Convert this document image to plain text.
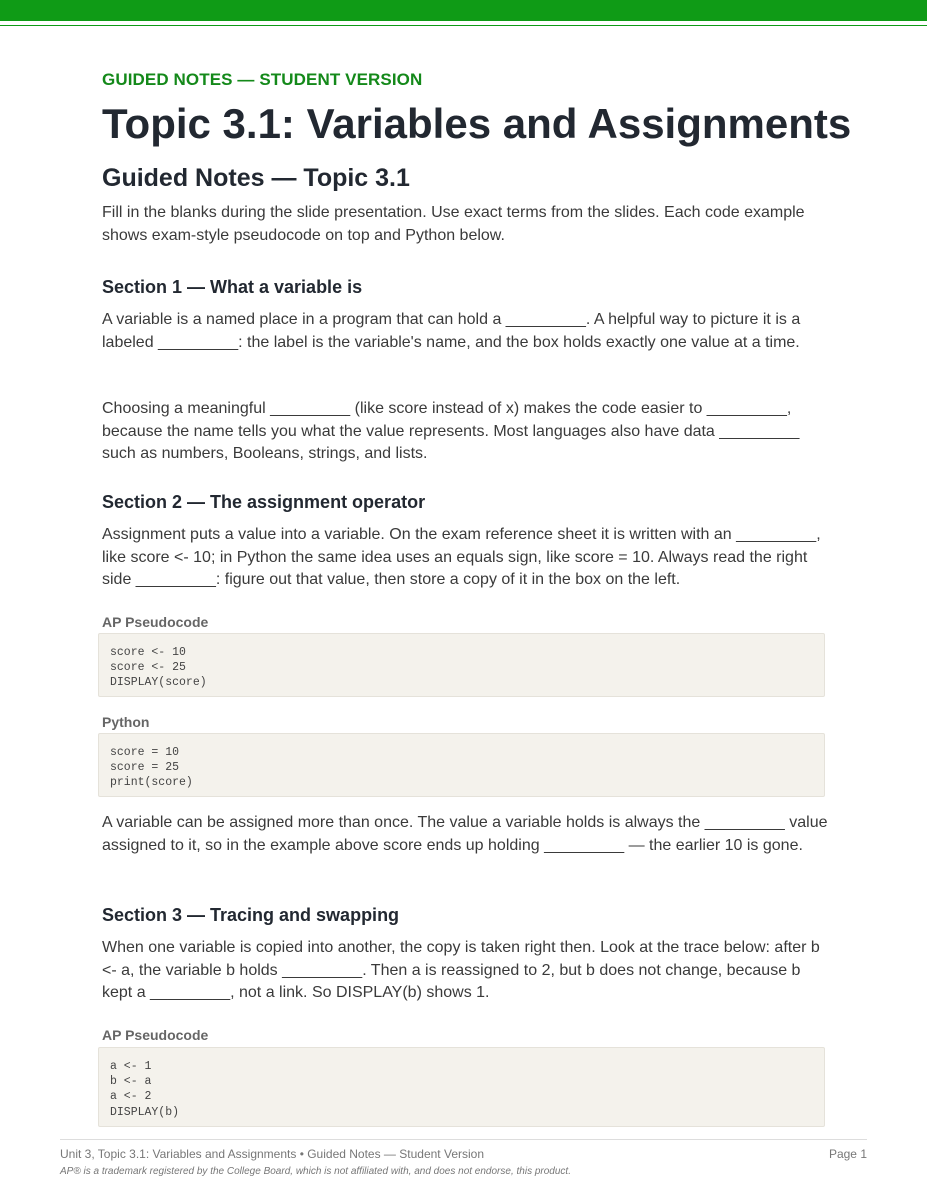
GUIDED NOTES — STUDENT VERSION
Topic 3.1: Variables and Assignments
Guided Notes — Topic 3.1

Fill in the blanks during the slide presentation. Use exact terms from the slides. Each code example shows exam-style pseudocode on top and Python below.

Section 1 — What a variable is

A variable is a named place in a program that can hold a _________. A helpful way to picture it is a labeled _________: the label is the variable's name, and the box holds exactly one value at a time.

Choosing a meaningful _________ (like score instead of x) makes the code easier to _________, because the name tells you what the value represents. Most languages also have data _________ such as numbers, Booleans, strings, and lists.

Section 2 — The assignment operator

Assignment puts a value into a variable. On the exam reference sheet it is written with an _________, like score <- 10; in Python the same idea uses an equals sign, like score = 10. Always read the right side _________: figure out that value, then store a copy of it in the box on the left.

AP Pseudocode
score <- 10
score <- 25
DISPLAY(score)
Python
score = 10
score = 25
print(score)

A variable can be assigned more than once. The value a variable holds is always the _________ value assigned to it, so in the example above score ends up holding _________ — the earlier 10 is gone.

Section 3 — Tracing and swapping

When one variable is copied into another, the copy is taken right then. Look at the trace below: after b <- a, the variable b holds _________. Then a is reassigned to 2, but b does not change, because b kept a _________, not a link. So DISPLAY(b) shows 1.

AP Pseudocode
a <- 1
b <- a
a <- 2
DISPLAY(b)
Unit 3, Topic 3.1: Variables and Assignments • Guided Notes — Student Version	Page 1
AP® is a trademark registered by the College Board, which is not affiliated with, and does not endorse, this product.
